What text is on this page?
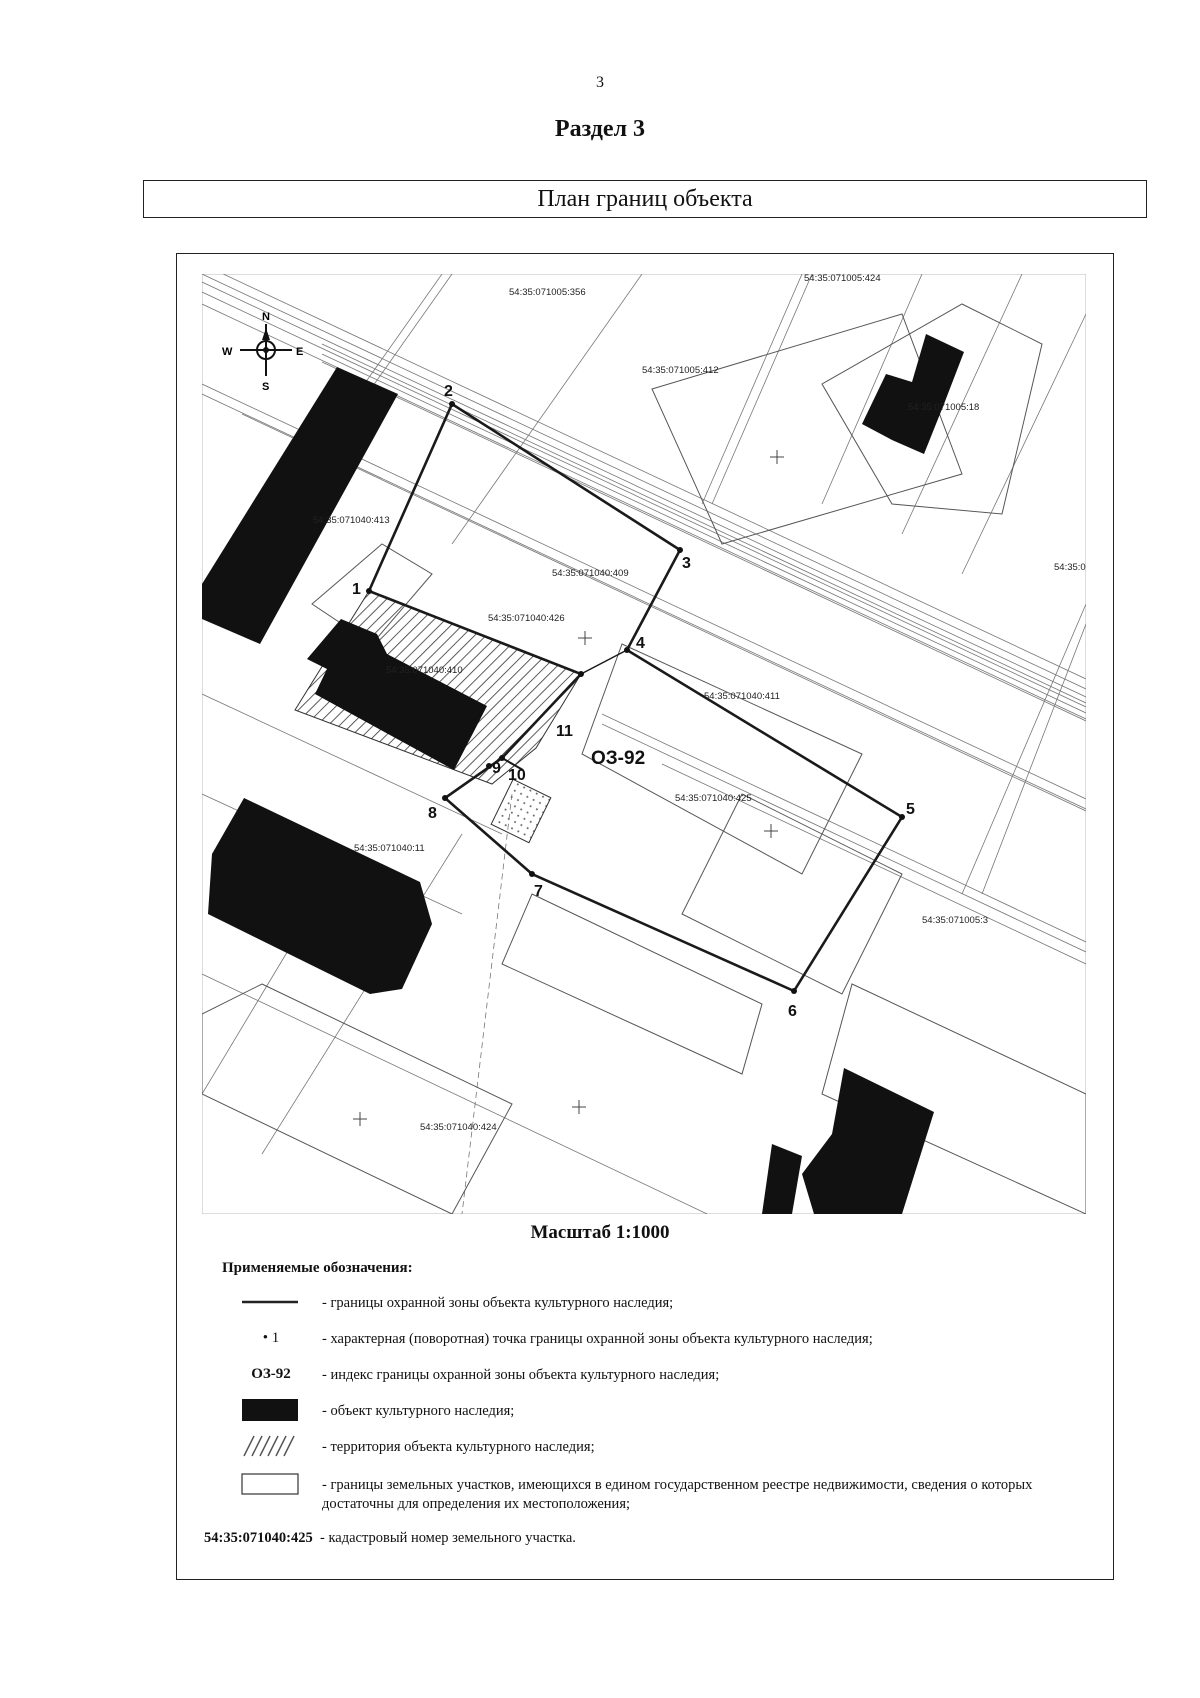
3
Раздел 3
План границ объекта
N
S
E
W
54:35:071005:356
54:35:071005:424
54:35:071005:412
54:35:071005:18
54:35:071040:413
54:35:071040:409
54:35:071040:426
54:35:071040:410
54:35:071040:411
54:35:071040:425
54:35:071040:11
54:35:071005:3
54:35:071040:424
54:35:0
ОЗ-92
1
2
3
4
5
6
7
8
9 10
11
Масштаб 1:1000
Применяемые обозначения:
- границы охранной зоны объекта культурного наследия;
• 1	- характерная (поворотная) точка границы охранной зоны объекта культурного наследия;
ОЗ-92	- индекс границы охранной зоны объекта культурного наследия;
- объект культурного наследия;
- территория объекта культурного наследия;
- границы земельных участков, имеющихся в едином государственном реестре недвижимости, сведения о которых достаточны для определения их местоположения;
54:35:071040:425 - кадастровый номер земельного участка.
